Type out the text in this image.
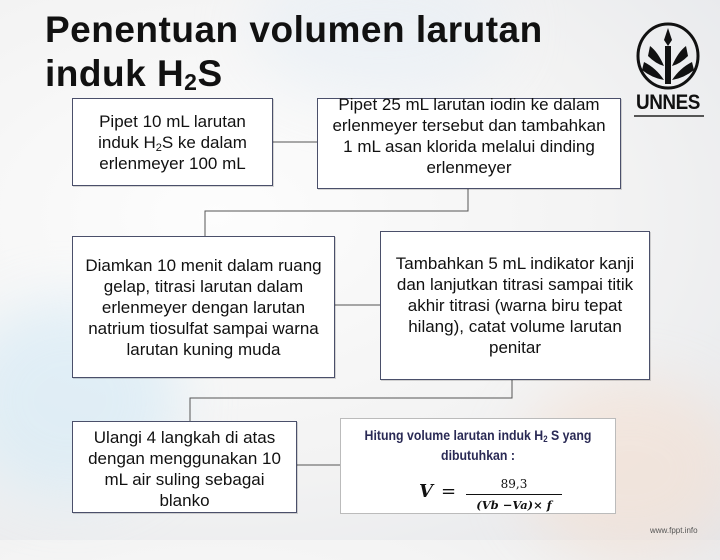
Penentuan volumen larutan
induk $H_2S$
Pipet 10 mL larutan induk $H_2S$ ke dalam erlenmeyer 100 mL
Pipet 25 mL larutan iodin ke dalam erlenmeyer tersebut dan tambahkan 1 mL asan klorida melalui dinding erlenmeyer
Diamkan 10 menit dalam ruang gelap, titrasi larutan dalam erlenmeyer dengan larutan natrium tiosulfat sampai warna larutan kuning muda
Tambahkan 5 mL indikator kanji dan lanjutkan titrasi sampai titik akhir titrasi (warna biru tepat hilang), catat volume larutan penitar
Ulangi 4 langkah di atas dengan menggunakan 10 mL air suling sebagai blanko
Hitung volume larutan induk $H_2$ S yang
dibutuhkan :
V =	89,3
(Vb −Va)× f
UNNES
www.fppt.info
